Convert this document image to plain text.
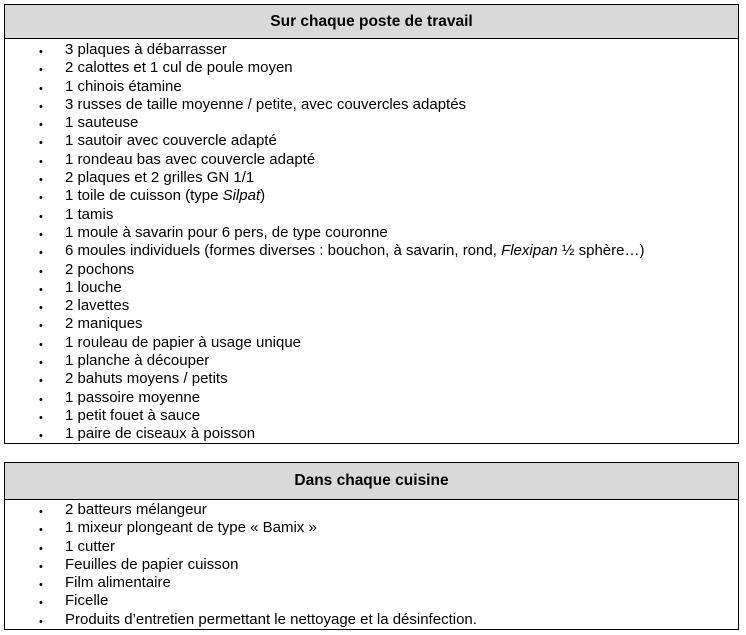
Sur chaque poste de travail
• 3 plaques à débarrasser
• 2 calottes et 1 cul de poule moyen
• 1 chinois étamine
• 3 russes de taille moyenne / petite, avec couvercles adaptés
• 1 sauteuse
• 1 sautoir avec couvercle adapté
• 1 rondeau bas avec couvercle adapté
• 2 plaques et 2 grilles GN 1/1
• 1 toile de cuisson (type Silpat)
• 1 tamis
• 1 moule à savarin pour 6 pers, de type couronne
• 6 moules individuels (formes diverses : bouchon, à savarin, rond, Flexipan ½ sphère…)
• 2 pochons
• 1 louche
• 2 lavettes
• 2 maniques
• 1 rouleau de papier à usage unique
• 1 planche à découper
• 2 bahuts moyens / petits
• 1 passoire moyenne
• 1 petit fouet à sauce
• 1 paire de ciseaux à poisson
Dans chaque cuisine
• 2 batteurs mélangeur
• 1 mixeur plongeant de type « Bamix »
• 1 cutter
• Feuilles de papier cuisson
• Film alimentaire
• Ficelle
• Produits d’entretien permettant le nettoyage et la désinfection.
